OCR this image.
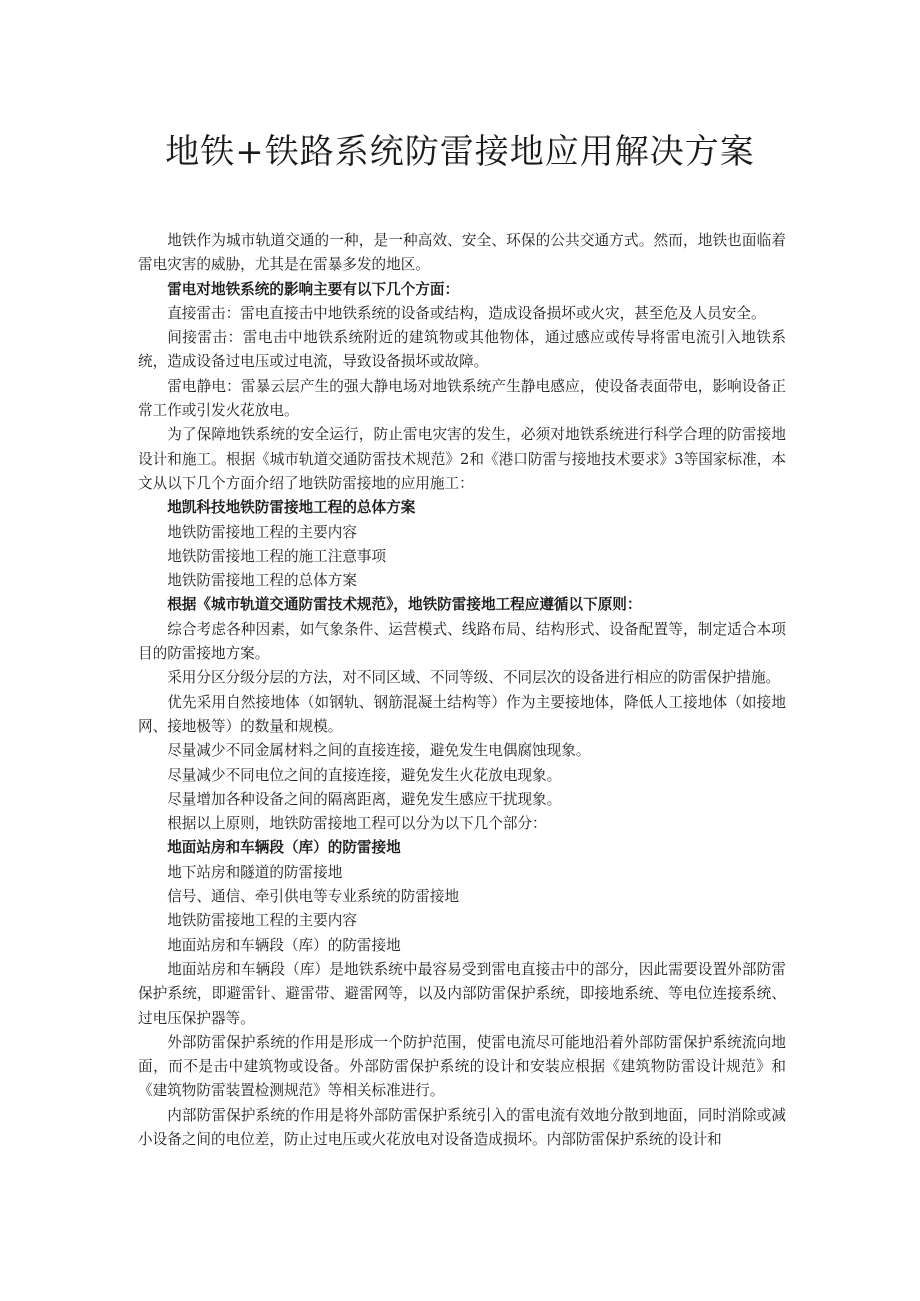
地铁+铁路系统防雷接地应用解决方案

地铁作为城市轨道交通的一种，是一种高效、安全、环保的公共交通方式。然而，地铁也面临着雷电灾害的威胁，尤其是在雷暴多发的地区。

雷电对地铁系统的影响主要有以下几个方面：

直接雷击：雷电直接击中地铁系统的设备或结构，造成设备损坏或火灾，甚至危及人员安全。

间接雷击：雷电击中地铁系统附近的建筑物或其他物体，通过感应或传导将雷电流引入地铁系统，造成设备过电压或过电流，导致设备损坏或故障。

雷电静电：雷暴云层产生的强大静电场对地铁系统产生静电感应，使设备表面带电，影响设备正常工作或引发火花放电。

为了保障地铁系统的安全运行，防止雷电灾害的发生，必须对地铁系统进行科学合理的防雷接地设计和施工。根据《城市轨道交通防雷技术规范》2和《港口防雷与接地技术要求》3等国家标准，本文从以下几个方面介绍了地铁防雷接地的应用施工：

地凯科技地铁防雷接地工程的总体方案

地铁防雷接地工程的主要内容

地铁防雷接地工程的施工注意事项

地铁防雷接地工程的总体方案

根据《城市轨道交通防雷技术规范》，地铁防雷接地工程应遵循以下原则：

综合考虑各种因素，如气象条件、运营模式、线路布局、结构形式、设备配置等，制定适合本项目的防雷接地方案。

采用分区分级分层的方法，对不同区域、不同等级、不同层次的设备进行相应的防雷保护措施。

优先采用自然接地体（如钢轨、钢筋混凝土结构等）作为主要接地体，降低人工接地体（如接地网、接地极等）的数量和规模。

尽量减少不同金属材料之间的直接连接，避免发生电偶腐蚀现象。

尽量减少不同电位之间的直接连接，避免发生火花放电现象。

尽量增加各种设备之间的隔离距离，避免发生感应干扰现象。

根据以上原则，地铁防雷接地工程可以分为以下几个部分：

地面站房和车辆段（库）的防雷接地

地下站房和隧道的防雷接地

信号、通信、牵引供电等专业系统的防雷接地

地铁防雷接地工程的主要内容

地面站房和车辆段（库）的防雷接地

地面站房和车辆段（库）是地铁系统中最容易受到雷电直接击中的部分，因此需要设置外部防雷保护系统，即避雷针、避雷带、避雷网等，以及内部防雷保护系统，即接地系统、等电位连接系统、过电压保护器等。

外部防雷保护系统的作用是形成一个防护范围，使雷电流尽可能地沿着外部防雷保护系统流向地面，而不是击中建筑物或设备。外部防雷保护系统的设计和安装应根据《建筑物防雷设计规范》和《建筑物防雷装置检测规范》等相关标准进行。

内部防雷保护系统的作用是将外部防雷保护系统引入的雷电流有效地分散到地面，同时消除或减小设备之间的电位差，防止过电压或火花放电对设备造成损坏。内部防雷保护系统的设计和
